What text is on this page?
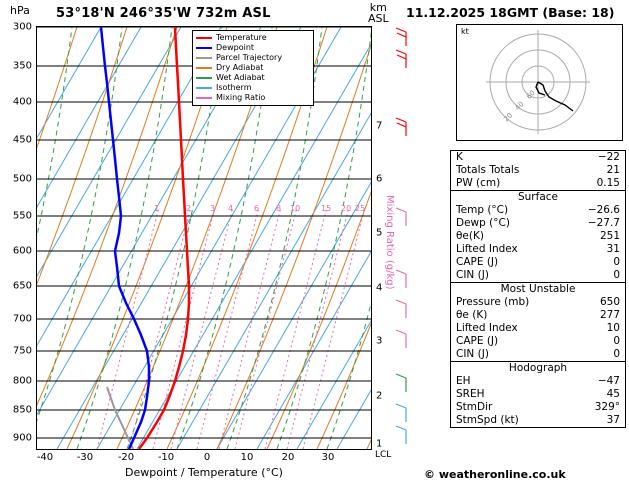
hPa 53°18'N 246°35'W 732m ASL	km
ASL
1	2 3 4	6 8 10	15 20 25
Temperature
Dewpoint
Parcel Trajectory
Dry Adiabat
Wet Adiabat
Isotherm
Mixing Ratio
300
350
400
450
500
550
600
650
700
750
800
850
900
-40 -30 -20 -10	0	10	20	30
Dewpoint / Temperature (°C)
1
2
3
4
5
6
7
LCL
Mixing Ratio (g/kg)
11.12.2025 18GMT (Base: 18)
kt
20
40
60
K	−22
Totals Totals	21
PW (cm)	0.15
Surface
Temp (°C)	−26.6
Dewp (°C)	−27.7
θe(K)	251
Lifted Index	31
CAPE (J)	0
CIN (J)	0
Most Unstable
Pressure (mb)	650
θe (K)	277
Lifted Index	10
CAPE (J)	0
CIN (J)	0
Hodograph
EH	−47
SREH	45
StmDir	329°
StmSpd (kt)	37
© weatheronline.co.uk
